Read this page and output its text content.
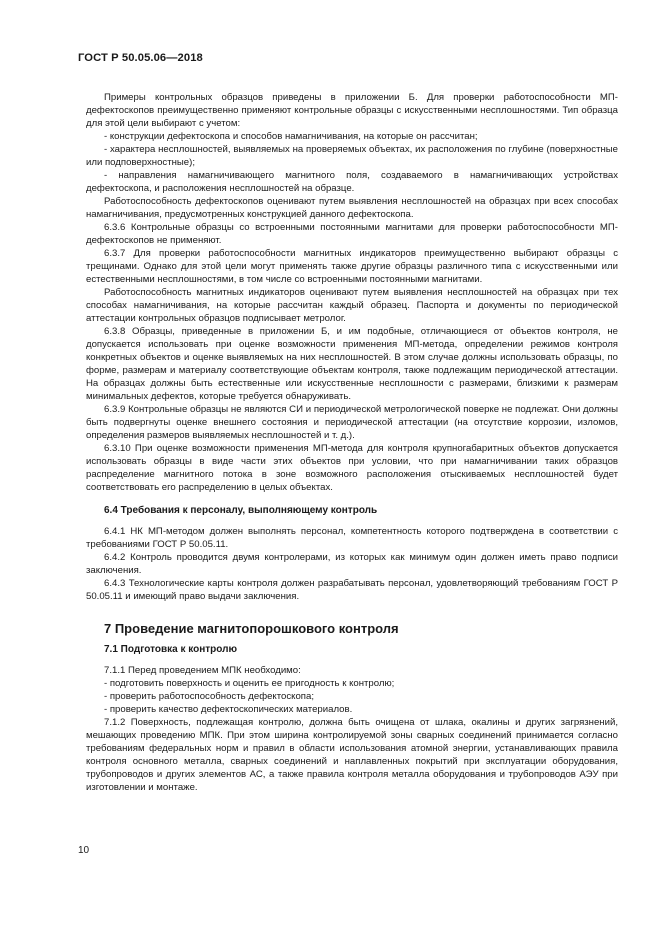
ГОСТ Р 50.05.06—2018

Примеры контрольных образцов приведены в приложении Б. Для проверки работоспособности МП-дефектоскопов преимущественно применяют контрольные образцы с искусственными несплошностями. Тип образца для этой цели выбирают с учетом:

- конструкции дефектоскопа и способов намагничивания, на которые он рассчитан;

- характера несплошностей, выявляемых на проверяемых объектах, их расположения по глубине (поверхностные или подповерхностные);

- направления намагничивающего магнитного поля, создаваемого в намагничивающих устройствах дефектоскопа, и расположения несплошностей на образце.

Работоспособность дефектоскопов оценивают путем выявления несплошностей на образцах при всех способах намагничивания, предусмотренных конструкцией данного дефектоскопа.

6.3.6 Контрольные образцы со встроенными постоянными магнитами для проверки работоспособности МП-дефектоскопов не применяют.

6.3.7 Для проверки работоспособности магнитных индикаторов преимущественно выбирают образцы с трещинами. Однако для этой цели могут применять также другие образцы различного типа с искусственными или естественными несплошностями, в том числе со встроенными постоянными магнитами.

Работоспособность магнитных индикаторов оценивают путем выявления несплошностей на образцах при тех способах намагничивания, на которые рассчитан каждый образец. Паспорта и документы по периодической аттестации контрольных образцов подписывает метролог.

6.3.8 Образцы, приведенные в приложении Б, и им подобные, отличающиеся от объектов контроля, не допускается использовать при оценке возможности применения МП-метода, определении режимов контроля конкретных объектов и оценке выявляемых на них несплошностей. В этом случае должны использовать образцы, по форме, размерам и материалу соответствующие объектам контроля, также подлежащим периодической аттестации. На образцах должны быть естественные или искусственные несплошности с размерами, близкими к размерам минимальных дефектов, которые требуется обнаруживать.

6.3.9 Контрольные образцы не являются СИ и периодической метрологической поверке не подлежат. Они должны быть подвергнуты оценке внешнего состояния и периодической аттестации (на отсутствие коррозии, изломов, определения размеров выявляемых несплошностей и т. д.).

6.3.10 При оценке возможности применения МП-метода для контроля крупногабаритных объектов допускается использовать образцы в виде части этих объектов при условии, что при намагничивании таких образцов распределение магнитного потока в зоне возможного расположения отыскиваемых несплошностей будет соответствовать его распределению в целых объектах.

6.4 Требования к персоналу, выполняющему контроль

6.4.1 НК МП-методом должен выполнять персонал, компетентность которого подтверждена в соответствии с требованиями ГОСТ Р 50.05.11.

6.4.2 Контроль проводится двумя контролерами, из которых как минимум один должен иметь право подписи заключения.

6.4.3 Технологические карты контроля должен разрабатывать персонал, удовлетворяющий требованиям ГОСТ Р 50.05.11 и имеющий право выдачи заключения.

7 Проведение магнитопорошкового контроля

7.1 Подготовка к контролю

7.1.1 Перед проведением МПК необходимо:

- подготовить поверхность и оценить ее пригодность к контролю;

- проверить работоспособность дефектоскопа;

- проверить качество дефектоскопических материалов.

7.1.2 Поверхность, подлежащая контролю, должна быть очищена от шлака, окалины и других загрязнений, мешающих проведению МПК. При этом ширина контролируемой зоны сварных соединений принимается согласно требованиям федеральных норм и правил в области использования атомной энергии, устанавливающих правила контроля основного металла, сварных соединений и наплавленных покрытий при эксплуатации оборудования, трубопроводов и других элементов АС, а также правила контроля металла оборудования и трубопроводов АЭУ при изготовлении и монтаже.

10
